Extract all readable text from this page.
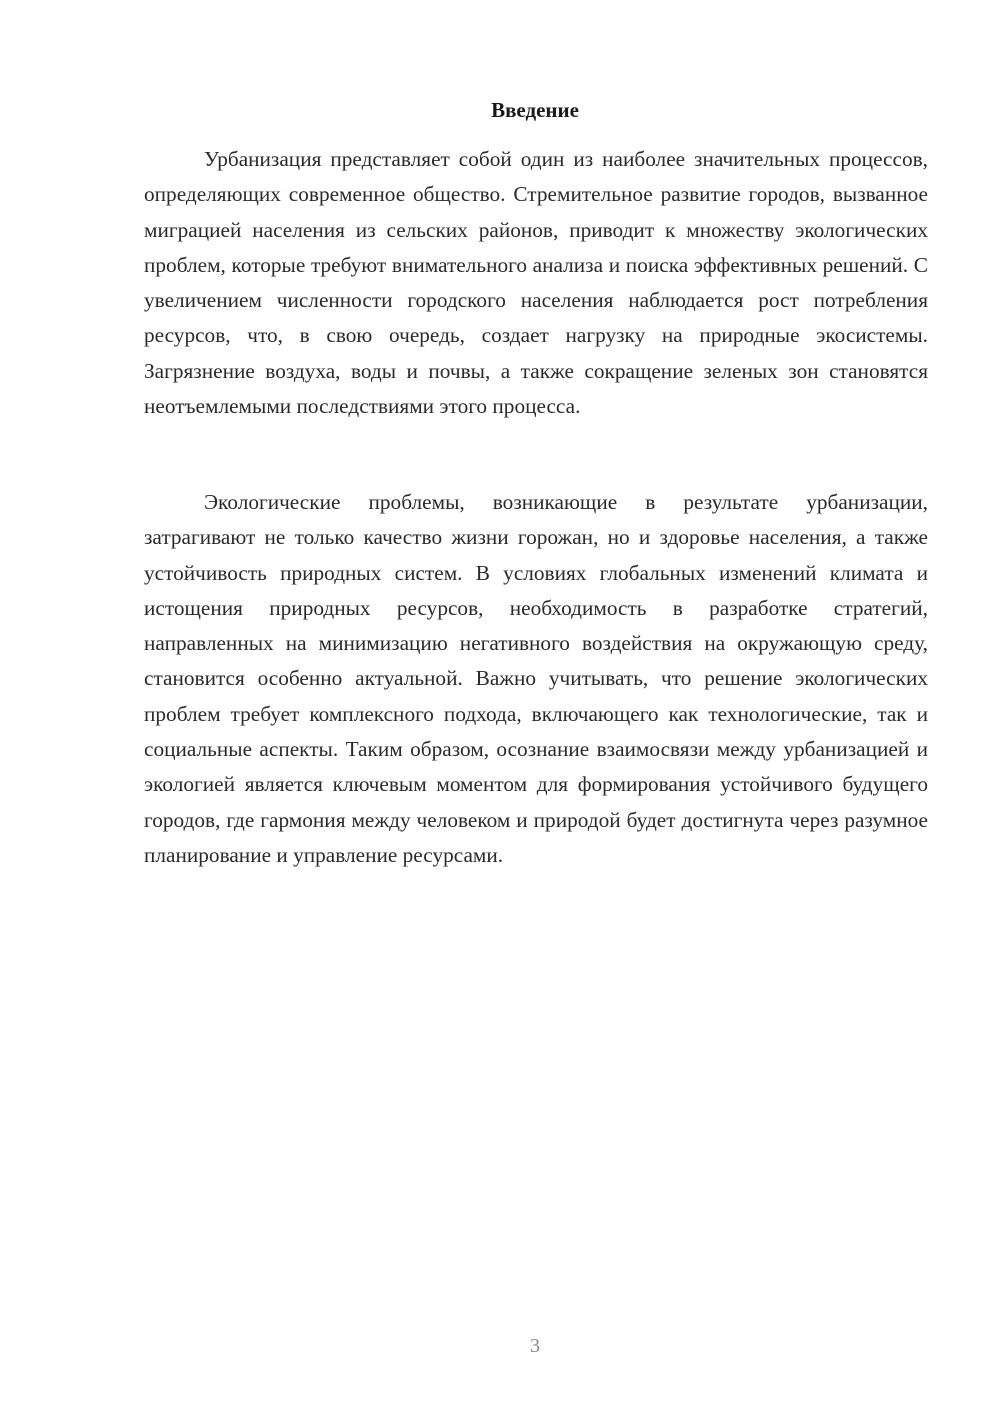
Введение

Урбанизация представляет собой один из наиболее значительных процессов, определяющих современное общество. Стремительное развитие городов, вызванное миграцией населения из сельских районов, приводит к множеству экологических проблем, которые требуют внимательного анализа и поиска эффективных решений. С увеличением численности городского населения наблюдается рост потребления ресурсов, что, в свою очередь, создает нагрузку на природные экосистемы. Загрязнение воздуха, воды и почвы, а также сокращение зеленых зон становятся неотъемлемыми последствиями этого процесса.

Экологические проблемы, возникающие в результате урбанизации, затрагивают не только качество жизни горожан, но и здоровье населения, а также устойчивость природных систем. В условиях глобальных изменений климата и истощения природных ресурсов, необходимость в разработке стратегий, направленных на минимизацию негативного воздействия на окружающую среду, становится особенно актуальной. Важно учитывать, что решение экологических проблем требует комплексного подхода, включающего как технологические, так и социальные аспекты. Таким образом, осознание взаимосвязи между урбанизацией и экологией является ключевым моментом для формирования устойчивого будущего городов, где гармония между человеком и природой будет достигнута через разумное планирование и управление ресурсами.

3
